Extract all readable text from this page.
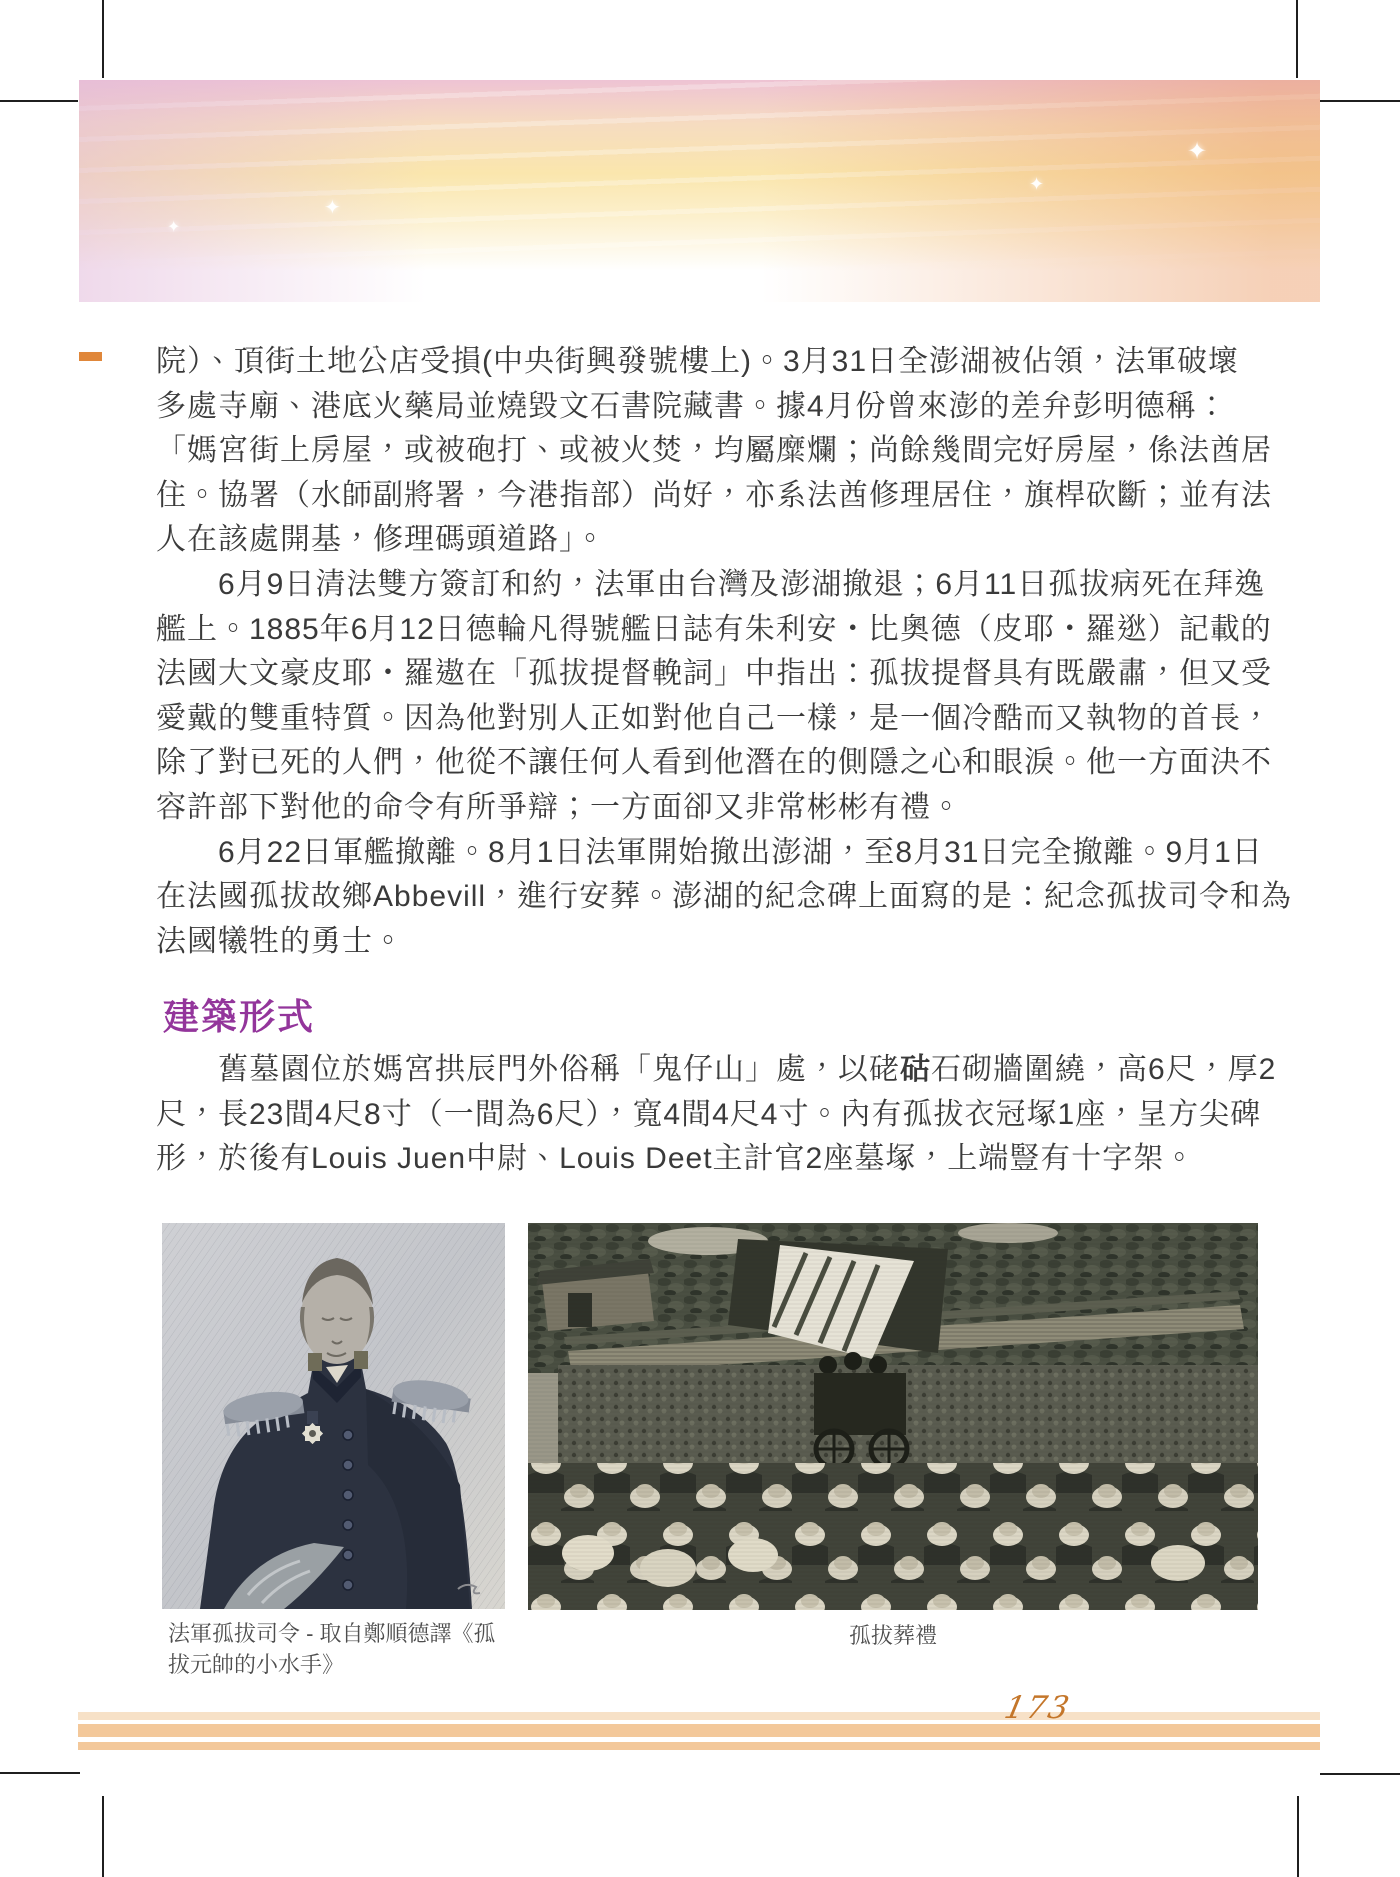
✦
✦
✦
✦
院）、頂街土地公店受損(中央街興發號樓上)。3月31日全澎湖被佔領，法軍破壞
多處寺廟、港底火藥局並燒毀文石書院藏書。據4月份曾來澎的差弁彭明德稱：
「媽宮街上房屋，或被砲打、或被火焚，均屬糜爛；尚餘幾間完好房屋，係法酋居
住。協署（水師副將署，今港指部）尚好，亦系法酋修理居住，旗桿砍斷；並有法
人在該處開基，修理碼頭道路」。
　　6月9日清法雙方簽訂和約，法軍由台灣及澎湖撤退；6月11日孤拔病死在拜逸
艦上。1885年6月12日德輪凡得號艦日誌有朱利安・比奧德（皮耶・羅逖）記載的
法國大文豪皮耶・羅遨在「孤拔提督輓詞」中指出：孤拔提督具有既嚴肅，但又受
愛戴的雙重特質。因為他對別人正如對他自己一樣，是一個冷酷而又執物的首長，
除了對已死的人們，他從不讓任何人看到他潛在的側隱之心和眼淚。他一方面決不
容許部下對他的命令有所爭辯；一方面卻又非常彬彬有禮。
　　6月22日軍艦撤離。8月1日法軍開始撤出澎湖，至8月31日完全撤離。9月1日
在法國孤拔故鄉Abbevill，進行安葬。澎湖的紀念碑上面寫的是：紀念孤拔司令和為
法國犧牲的勇士。
建築形式
　　舊墓園位於媽宮拱辰門外俗稱「鬼仔山」處，以硓𥑮石砌牆圍繞，高6尺，厚2
尺，長23間4尺8寸（一間為6尺），寬4間4尺4寸。內有孤拔衣冠塚1座，呈方尖碑
形，於後有Louis Juen中尉、Louis Deet主計官2座墓塚，上端豎有十字架。
法軍孤拔司令 - 取自鄭順德譯《孤
拔元帥的小水手》
孤拔葬禮
173
